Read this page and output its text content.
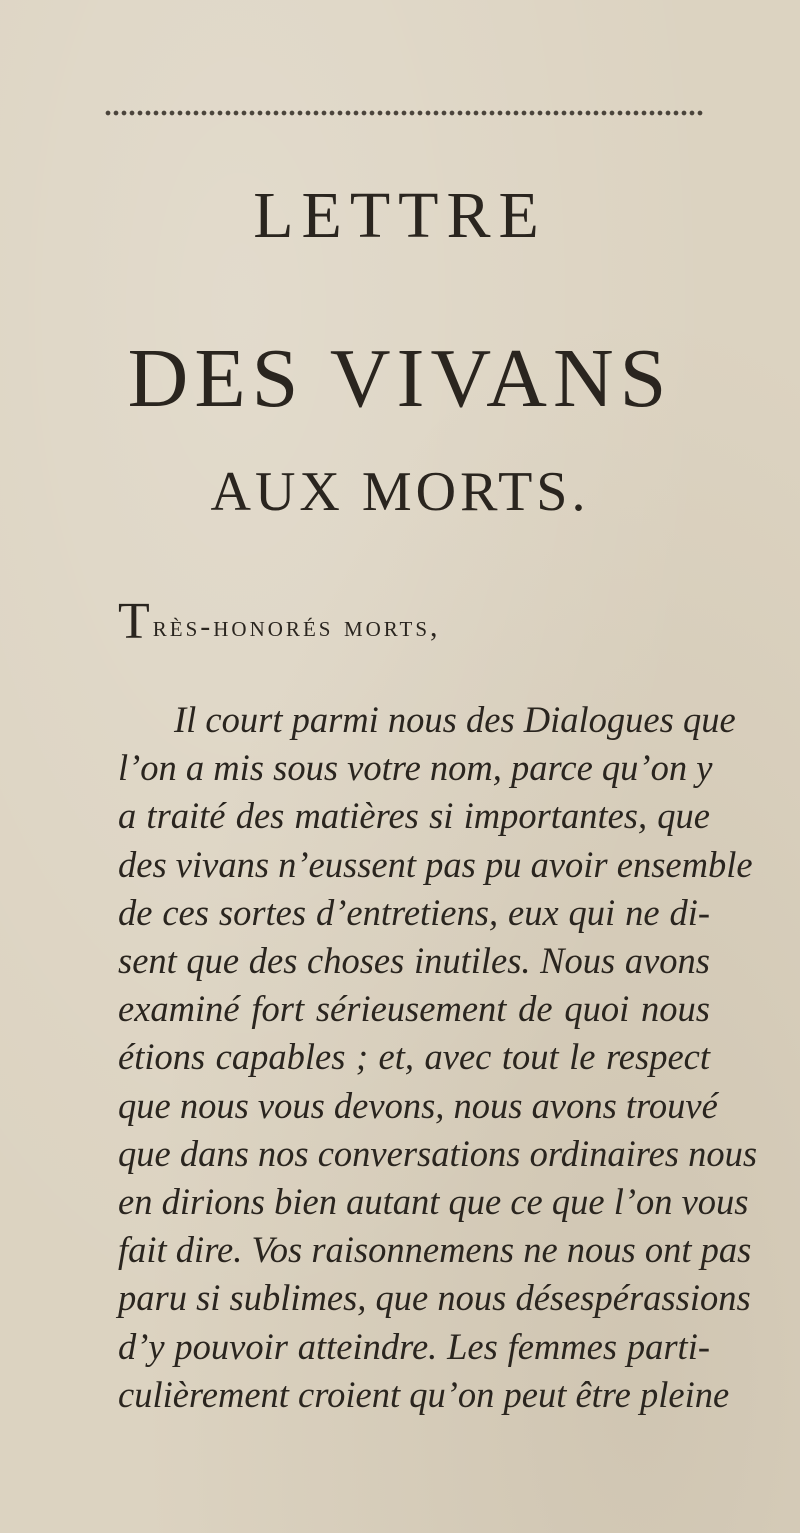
LETTRE
DES VIVANS
AUX MORTS.
Très-honorés morts,

Il court parmi nous des Dialogues que
l’on a mis sous votre nom, parce qu’on y
a traité des matières si importantes, que
des vivans n’eussent pas pu avoir ensemble
de ces sortes d’entretiens, eux qui ne di-
sent que des choses inutiles. Nous avons
examiné fort sérieusement de quoi nous
étions capables ; et, avec tout le respect
que nous vous devons, nous avons trouvé
que dans nos conversations ordinaires nous
en dirions bien autant que ce que l’on vous
fait dire. Vos raisonnemens ne nous ont pas
paru si sublimes, que nous désespérassions
d’y pouvoir atteindre. Les femmes parti-
culièrement croient qu’on peut être pleine
